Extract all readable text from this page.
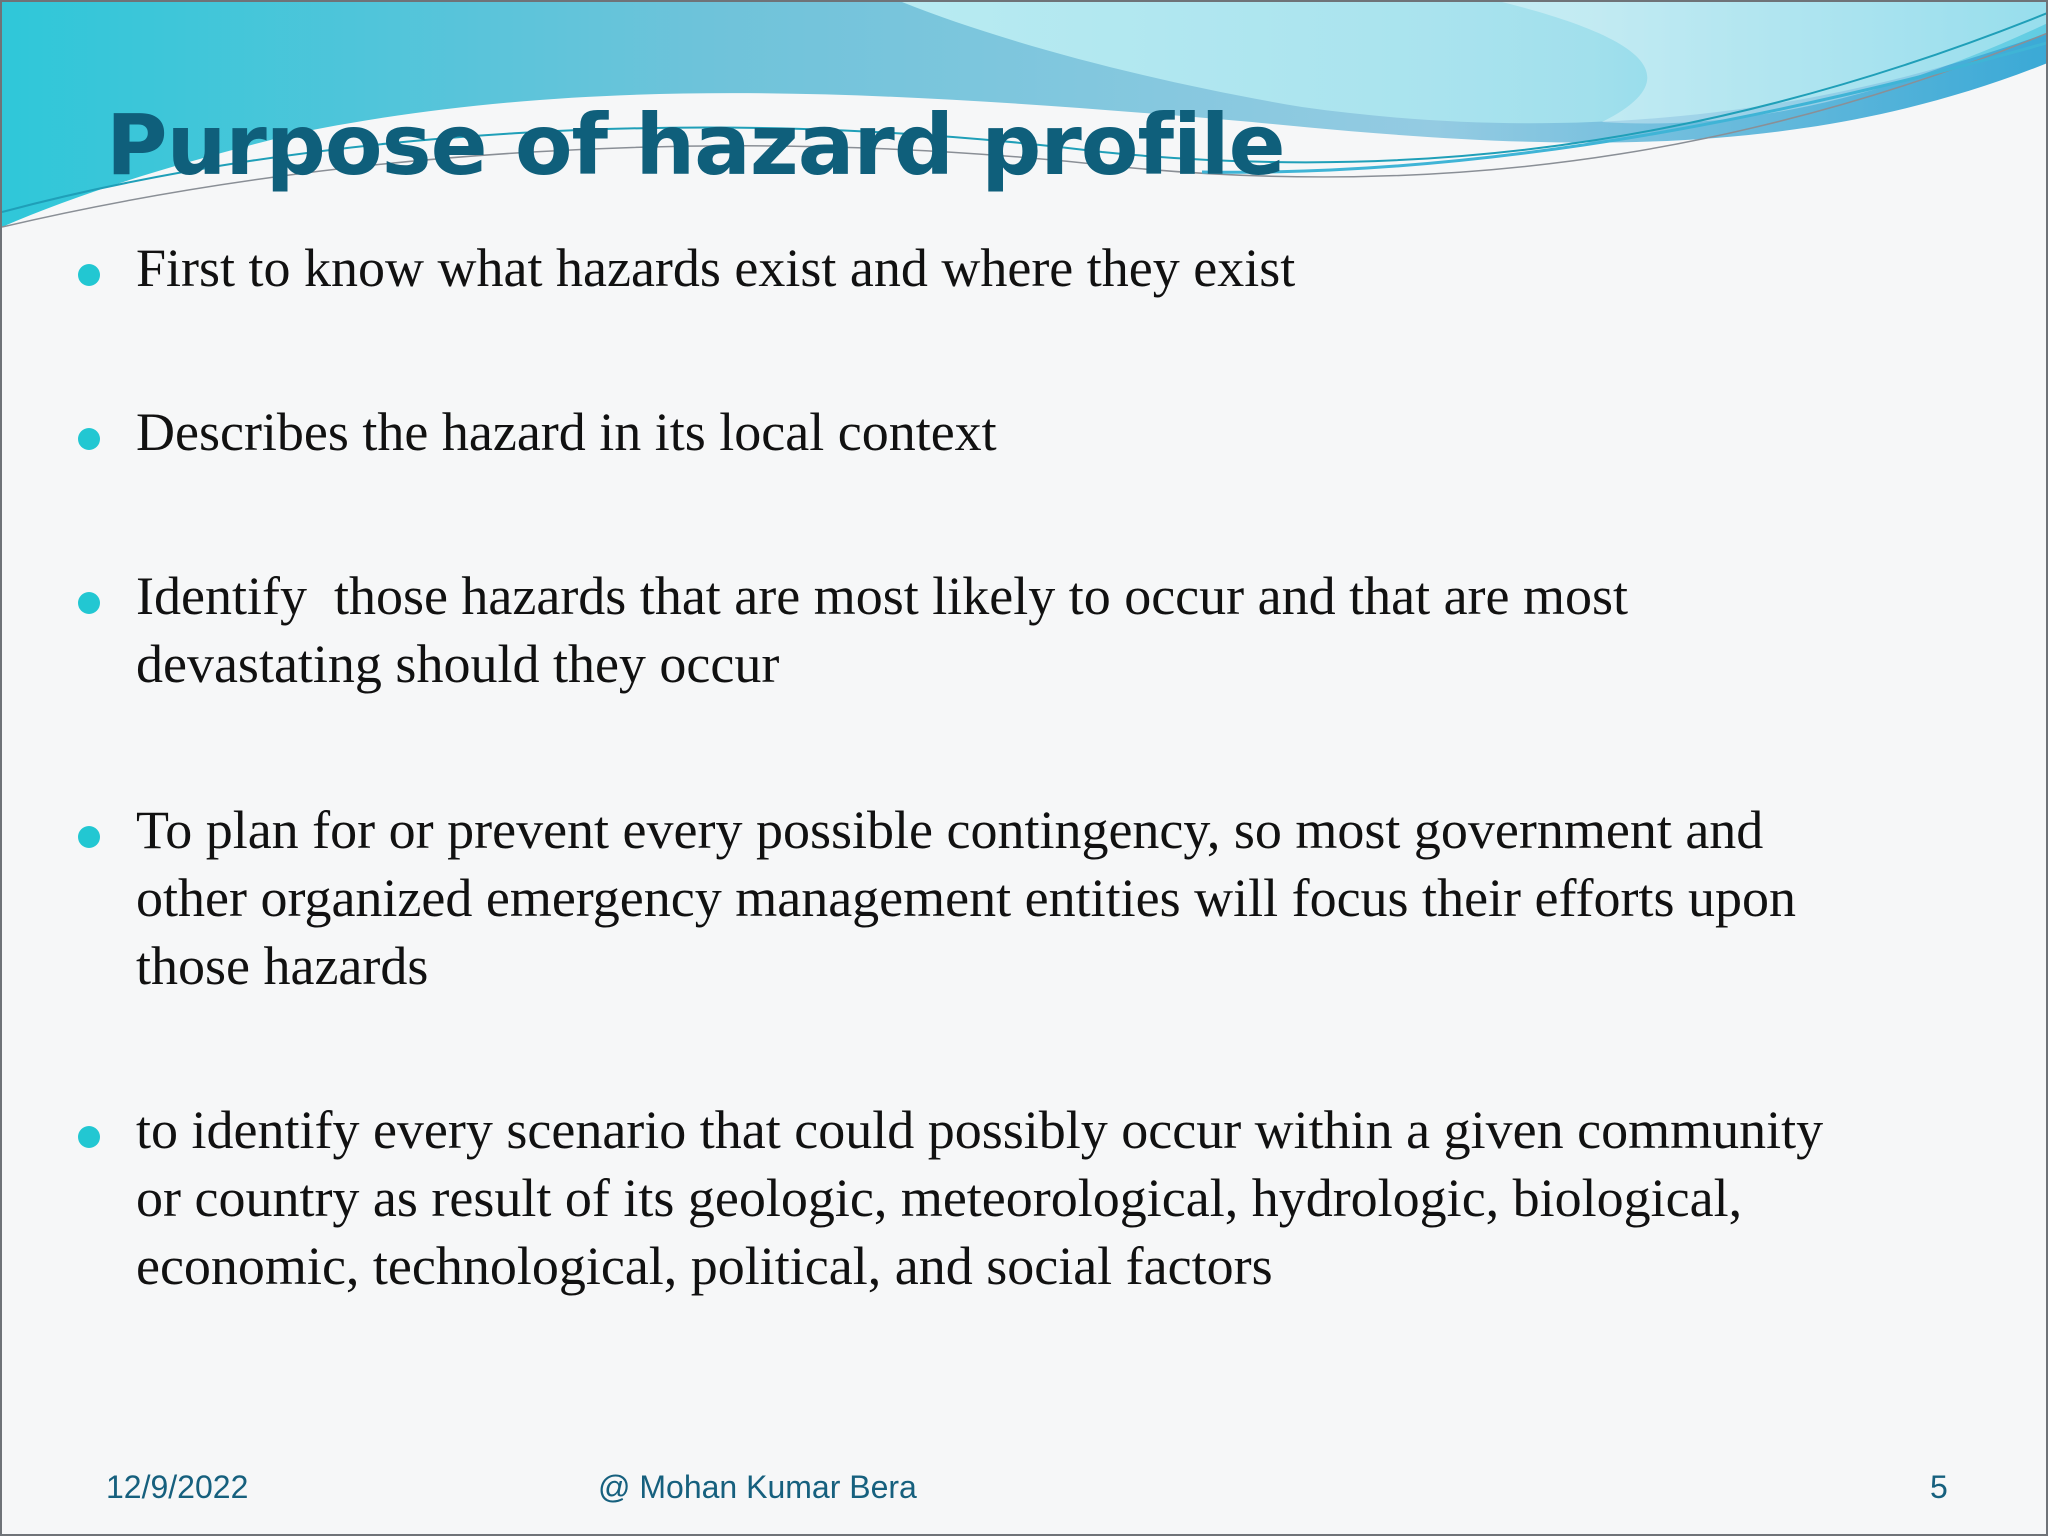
Purpose of hazard profile
First to know what hazards exist and where they exist
Describes the hazard in its local context
Identify  those hazards that are most likely to occur and that are most
devastating should they occur
To plan for or prevent every possible contingency, so most government and
other organized emergency management entities will focus their efforts upon
those hazards
to identify every scenario that could possibly occur within a given community
or country as result of its geologic, meteorological, hydrologic, biological,
economic, technological, political, and social factors
12/9/2022	@ Mohan Kumar Bera	5
